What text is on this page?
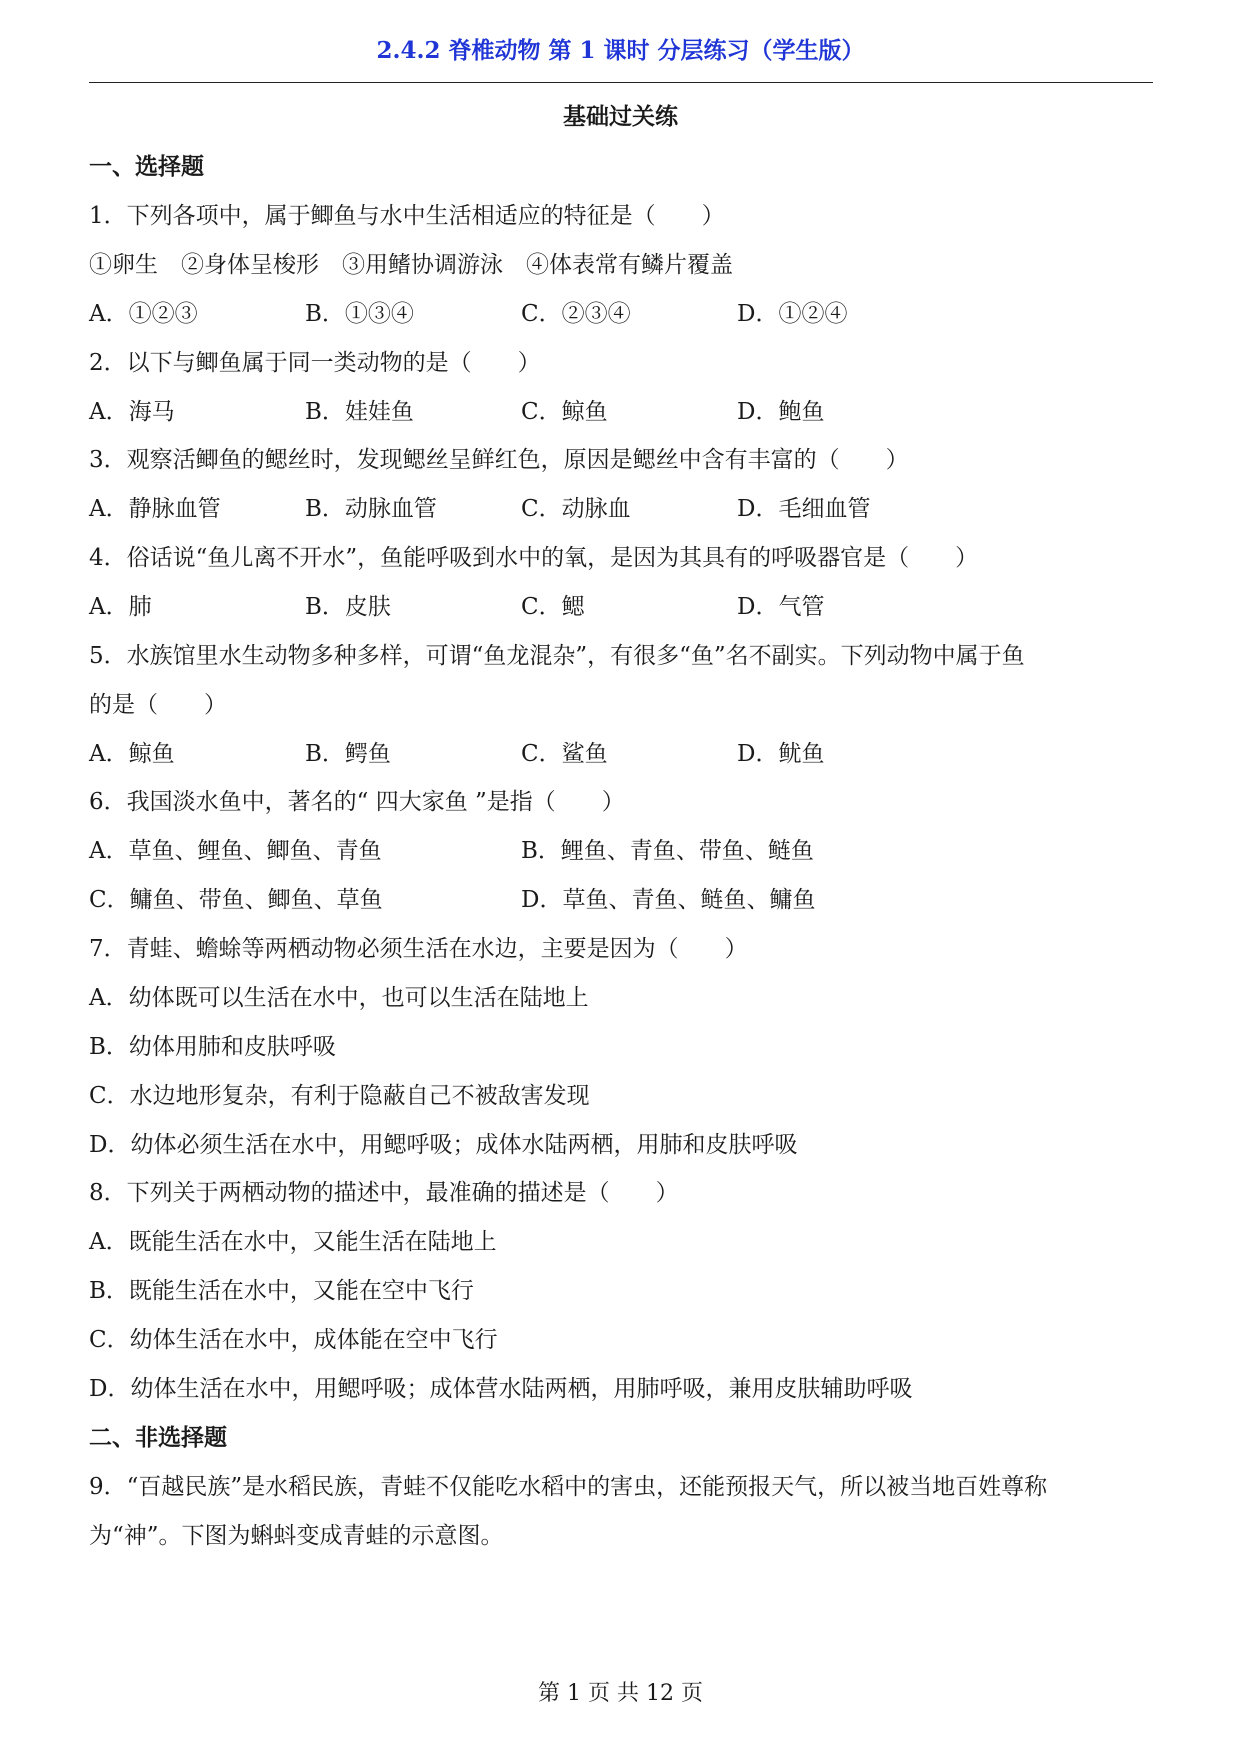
2.4.2 脊椎动物 第 1 课时 分层练习（学生版）
基础过关练
一、选择题
1．下列各项中，属于鲫鱼与水中生活相适应的特征是（　　）
①卵生　②身体呈梭形　③用鳍协调游泳　④体表常有鳞片覆盖
A．①②③	B．①③④	C．②③④	D．①②④
2．以下与鲫鱼属于同一类动物的是（　　）
A．海马	B．娃娃鱼	C．鲸鱼	D．鲍鱼
3．观察活鲫鱼的鳃丝时，发现鳃丝呈鲜红色，原因是鳃丝中含有丰富的（　　）
A．静脉血管	B．动脉血管	C．动脉血	D．毛细血管
4．俗话说“鱼儿离不开水”，鱼能呼吸到水中的氧，是因为其具有的呼吸器官是（　　）
A．肺	B．皮肤	C．鳃	D．气管
5．水族馆里水生动物多种多样，可谓“鱼龙混杂”，有很多“鱼”名不副实。下列动物中属于鱼
的是（　　）
A．鲸鱼	B．鳄鱼	C．鲨鱼	D．鱿鱼
6．我国淡水鱼中，著名的“ 四大家鱼 ”是指（　　）
A．草鱼、鲤鱼、鲫鱼、青鱼	B．鲤鱼、青鱼、带鱼、鲢鱼
C．鳙鱼、带鱼、鲫鱼、草鱼	D．草鱼、青鱼、鲢鱼、鳙鱼
7．青蛙、蟾蜍等两栖动物必须生活在水边，主要是因为（　　）
A．幼体既可以生活在水中，也可以生活在陆地上
B．幼体用肺和皮肤呼吸
C．水边地形复杂，有利于隐蔽自己不被敌害发现
D．幼体必须生活在水中，用鳃呼吸；成体水陆两栖，用肺和皮肤呼吸
8．下列关于两栖动物的描述中，最准确的描述是（　　）
A．既能生活在水中，又能生活在陆地上
B．既能生活在水中，又能在空中飞行
C．幼体生活在水中，成体能在空中飞行
D．幼体生活在水中，用鳃呼吸；成体营水陆两栖，用肺呼吸，兼用皮肤辅助呼吸
二、非选择题
9．“百越民族”是水稻民族，青蛙不仅能吃水稻中的害虫，还能预报天气，所以被当地百姓尊称
为“神”。下图为蝌蚪变成青蛙的示意图。
第 1 页 共 12 页
